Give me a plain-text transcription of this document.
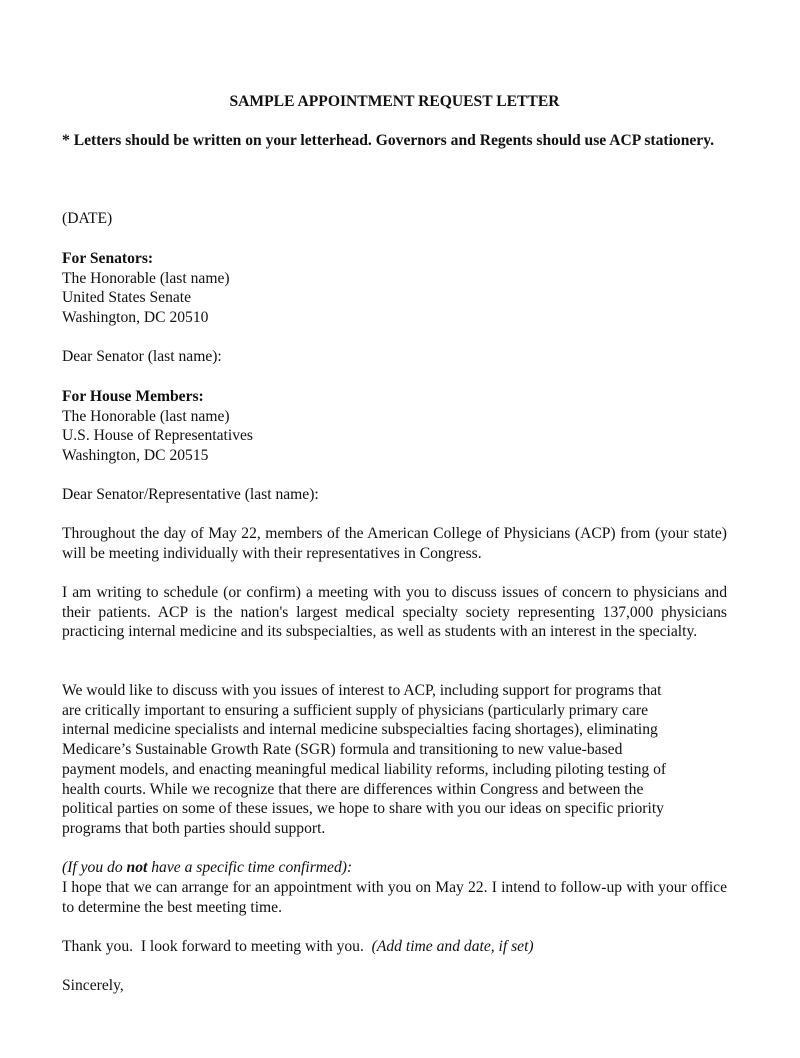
SAMPLE APPOINTMENT REQUEST LETTER
* Letters should be written on your letterhead. Governors and Regents should use ACP stationery.
(DATE)
For Senators:
The Honorable (last name)
United States Senate
Washington, DC 20510
Dear Senator (last name):
For House Members:
The Honorable (last name)
U.S. House of Representatives
Washington, DC 20515
Dear Senator/Representative (last name):
Throughout the day of May 22, members of the American College of Physicians (ACP) from (your state) will be meeting individually with their representatives in Congress.
I am writing to schedule (or confirm) a meeting with you to discuss issues of concern to physicians and their patients. ACP is the nation's largest medical specialty society representing 137,000 physicians practicing internal medicine and its subspecialties, as well as students with an interest in the specialty.
We would like to discuss with you issues of interest to ACP, including support for programs that
are critically important to ensuring a sufficient supply of physicians (particularly primary care
internal medicine specialists and internal medicine subspecialties facing shortages), eliminating
Medicare’s Sustainable Growth Rate (SGR) formula and transitioning to new value-based
payment models, and enacting meaningful medical liability reforms, including piloting testing of
health courts. While we recognize that there are differences within Congress and between the
political parties on some of these issues, we hope to share with you our ideas on specific priority
programs that both parties should support.
(If you do not have a specific time confirmed):
I hope that we can arrange for an appointment with you on May 22. I intend to follow-up with your office to determine the best meeting time.
Thank you.  I look forward to meeting with you.  (Add time and date, if set)
Sincerely,
